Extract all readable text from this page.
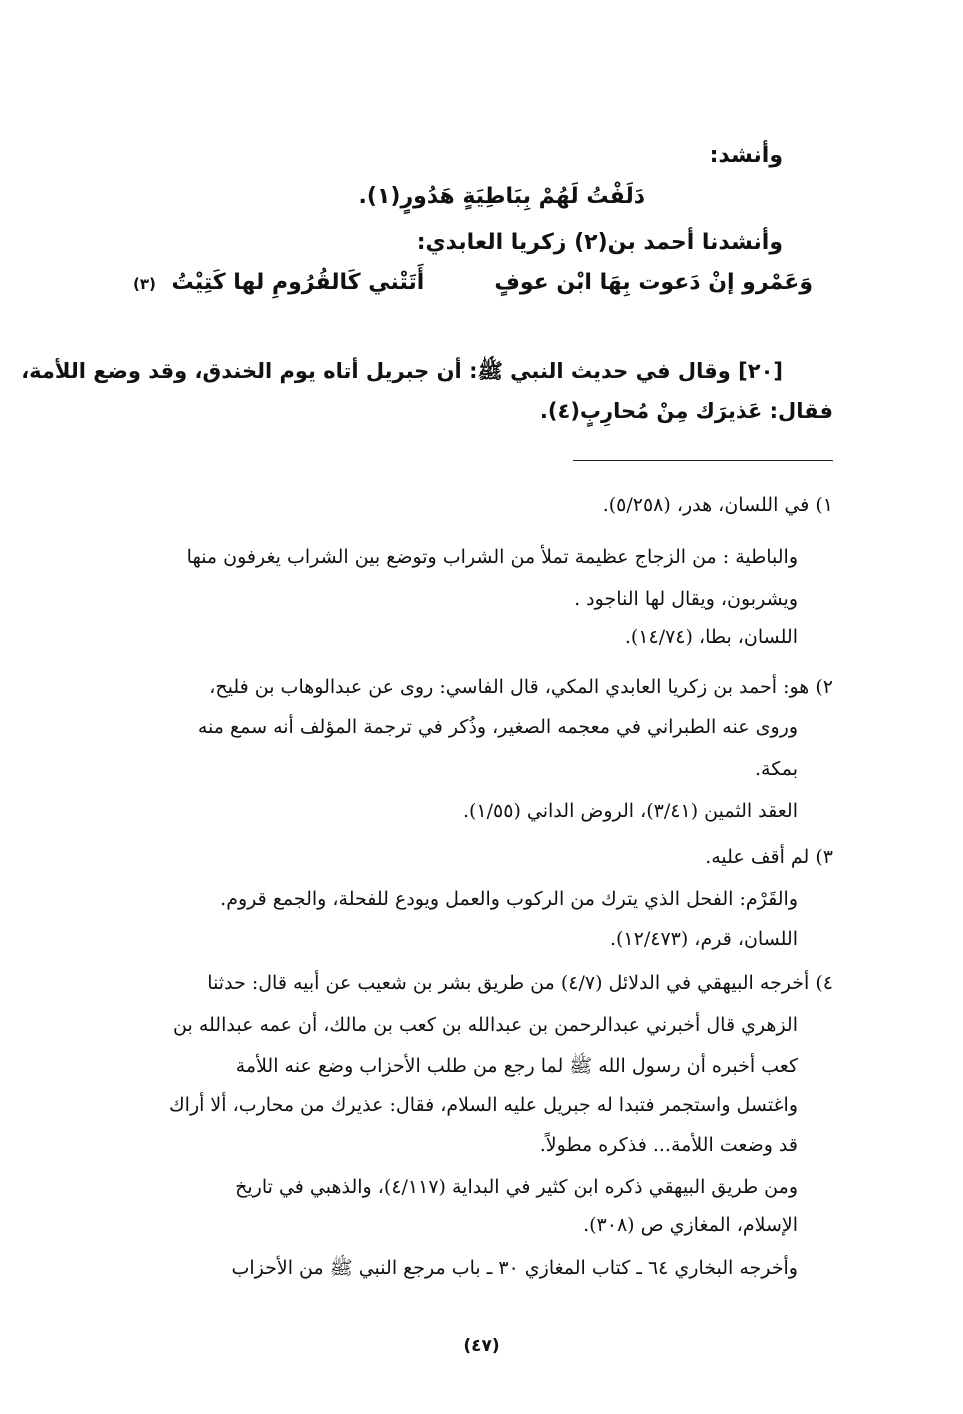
وأنشد:
دَلَفْتُ لَهُمْ بِبَاطِيَةٍ هَدُورٍ(١).
وأنشدنا أحمد بن(٢) زكريا العابدي:
وَعَمْرو إنْ دَعوت بِهَا ابْن عوفٍ
أَتَتْني كَالقُرُومِ لها كَتِيْتُ (٣)
[٢٠] وقال في حديث النبي ﷺ: أن جبريل أتاه يوم الخندق، وقد وضع اللأمة،
فقال: عَذيرَك مِنْ مُحارِبٍ(٤).
١) في اللسان، هدر، (٥/٢٥٨).
والباطية : من الزجاج عظيمة تملأ من الشراب وتوضع بين الشراب يغرفون منها
ويشربون، ويقال لها الناجود .
اللسان، بطا، (١٤/٧٤).
٢) هو: أحمد بن زكريا العابدي المكي، قال الفاسي: روى عن عبدالوهاب بن فليح،
وروى عنه الطبراني في معجمه الصغير، وذُكر في ترجمة المؤلف أنه سمع منه
بمكة.
العقد الثمين (٣/٤١)، الروض الداني (١/٥٥).
٣) لم أقف عليه.
والقَرْم: الفحل الذي يترك من الركوب والعمل ويودع للفحلة، والجمع قروم.
اللسان، قرم، (١٢/٤٧٣).
٤) أخرجه البيهقي في الدلائل (٤/٧) من طريق بشر بن شعيب عن أبيه قال: حدثنا
الزهري قال أخبرني عبدالرحمن بن عبدالله بن كعب بن مالك، أن عمه عبدالله بن
كعب أخبره أن رسول الله ﷺ لما رجع من طلب الأحزاب وضع عنه اللأمة
واغتسل واستجمر فتبدا له جبريل عليه السلام، فقال: عذيرك من محارب، ألا أراك
قد وضعت اللأمة... فذكره مطولاً.
ومن طريق البيهقي ذكره ابن كثير في البداية (٤/١١٧)، والذهبي في تاريخ
الإسلام، المغازي ص (٣٠٨).
وأخرجه البخاري ٦٤ ـ كتاب المغازي ٣٠ ـ باب مرجع النبي ﷺ من الأحزاب
(٤٧)
